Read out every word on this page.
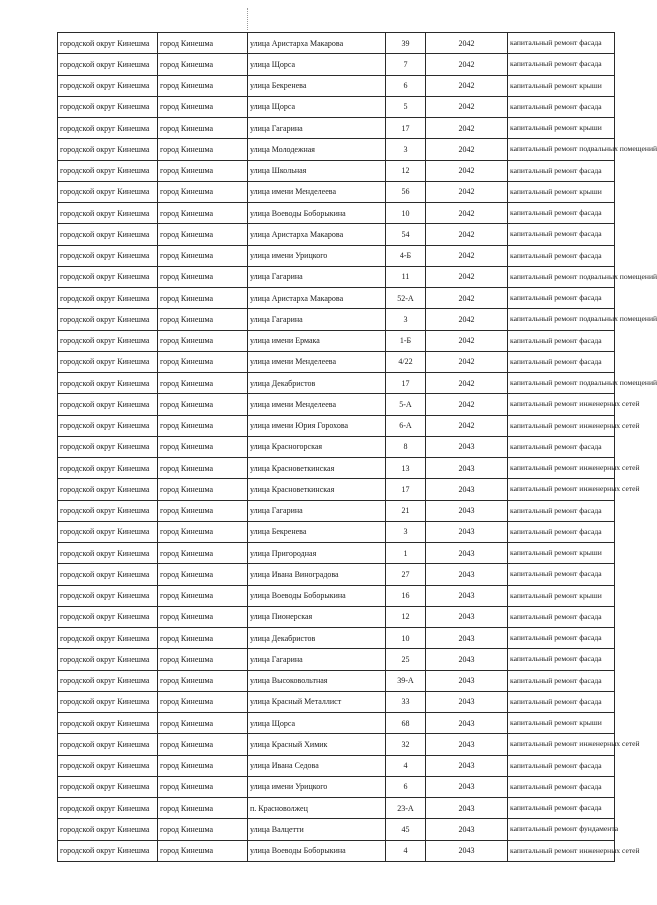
городской округ Кинешма	город Кинешма	улица Аристарха Макарова	39	2042	капитальный ремонт фасада
городской округ Кинешма	город Кинешма	улица Щорса	7	2042	капитальный ремонт фасада
городской округ Кинешма	город Кинешма	улица Бекренева	6	2042	капитальный ремонт крыши
городской округ Кинешма	город Кинешма	улица Щорса	5	2042	капитальный ремонт фасада
городской округ Кинешма	город Кинешма	улица Гагарина	17	2042	капитальный ремонт крыши
городской округ Кинешма	город Кинешма	улица Молодежная	3	2042	капитальный ремонт подвальных помещений
городской округ Кинешма	город Кинешма	улица Школьная	12	2042	капитальный ремонт фасада
городской округ Кинешма	город Кинешма	улица имени Менделеева	56	2042	капитальный ремонт крыши
городской округ Кинешма	город Кинешма	улица Воеводы Боборыкина	10	2042	капитальный ремонт фасада
городской округ Кинешма	город Кинешма	улица Аристарха Макарова	54	2042	капитальный ремонт фасада
городской округ Кинешма	город Кинешма	улица имени Урицкого	4-Б	2042	капитальный ремонт фасада
городской округ Кинешма	город Кинешма	улица Гагарина	11	2042	капитальный ремонт подвальных помещений
городской округ Кинешма	город Кинешма	улица Аристарха Макарова	52-А	2042	капитальный ремонт фасада
городской округ Кинешма	город Кинешма	улица Гагарина	3	2042	капитальный ремонт подвальных помещений
городской округ Кинешма	город Кинешма	улица имени Ермака	1-Б	2042	капитальный ремонт фасада
городской округ Кинешма	город Кинешма	улица имени Менделеева	4/22	2042	капитальный ремонт фасада
городской округ Кинешма	город Кинешма	улица Декабристов	17	2042	капитальный ремонт подвальных помещений
городской округ Кинешма	город Кинешма	улица имени Менделеева	5-А	2042	капитальный ремонт инженерных сетей
городской округ Кинешма	город Кинешма	улица имени Юрия Горохова	6-А	2042	капитальный ремонт инженерных сетей
городской округ Кинешма	город Кинешма	улица Красногорская	8	2043	капитальный ремонт фасада
городской округ Кинешма	город Кинешма	улица Красноветкинская	13	2043	капитальный ремонт инженерных сетей
городской округ Кинешма	город Кинешма	улица Красноветкинская	17	2043	капитальный ремонт инженерных сетей
городской округ Кинешма	город Кинешма	улица Гагарина	21	2043	капитальный ремонт фасада
городской округ Кинешма	город Кинешма	улица Бекренева	3	2043	капитальный ремонт фасада
городской округ Кинешма	город Кинешма	улица Пригородная	1	2043	капитальный ремонт крыши
городской округ Кинешма	город Кинешма	улица Ивана Виноградова	27	2043	капитальный ремонт фасада
городской округ Кинешма	город Кинешма	улица Воеводы Боборыкина	16	2043	капитальный ремонт крыши
городской округ Кинешма	город Кинешма	улица Пионерская	12	2043	капитальный ремонт фасада
городской округ Кинешма	город Кинешма	улица Декабристов	10	2043	капитальный ремонт фасада
городской округ Кинешма	город Кинешма	улица Гагарина	25	2043	капитальный ремонт фасада
городской округ Кинешма	город Кинешма	улица Высоковольтная	39-А	2043	капитальный ремонт фасада
городской округ Кинешма	город Кинешма	улица Красный Металлист	33	2043	капитальный ремонт фасада
городской округ Кинешма	город Кинешма	улица Щорса	68	2043	капитальный ремонт крыши
городской округ Кинешма	город Кинешма	улица Красный Химик	32	2043	капитальный ремонт инженерных сетей
городской округ Кинешма	город Кинешма	улица Ивана Седова	4	2043	капитальный ремонт фасада
городской округ Кинешма	город Кинешма	улица имени Урицкого	6	2043	капитальный ремонт фасада
городской округ Кинешма	город Кинешма	п. Красноволжец	23-А	2043	капитальный ремонт фасада
городской округ Кинешма	город Кинешма	улица Валцетти	45	2043	капитальный ремонт фундамента
городской округ Кинешма	город Кинешма	улица Воеводы Боборыкина	4	2043	капитальный ремонт инженерных сетей
